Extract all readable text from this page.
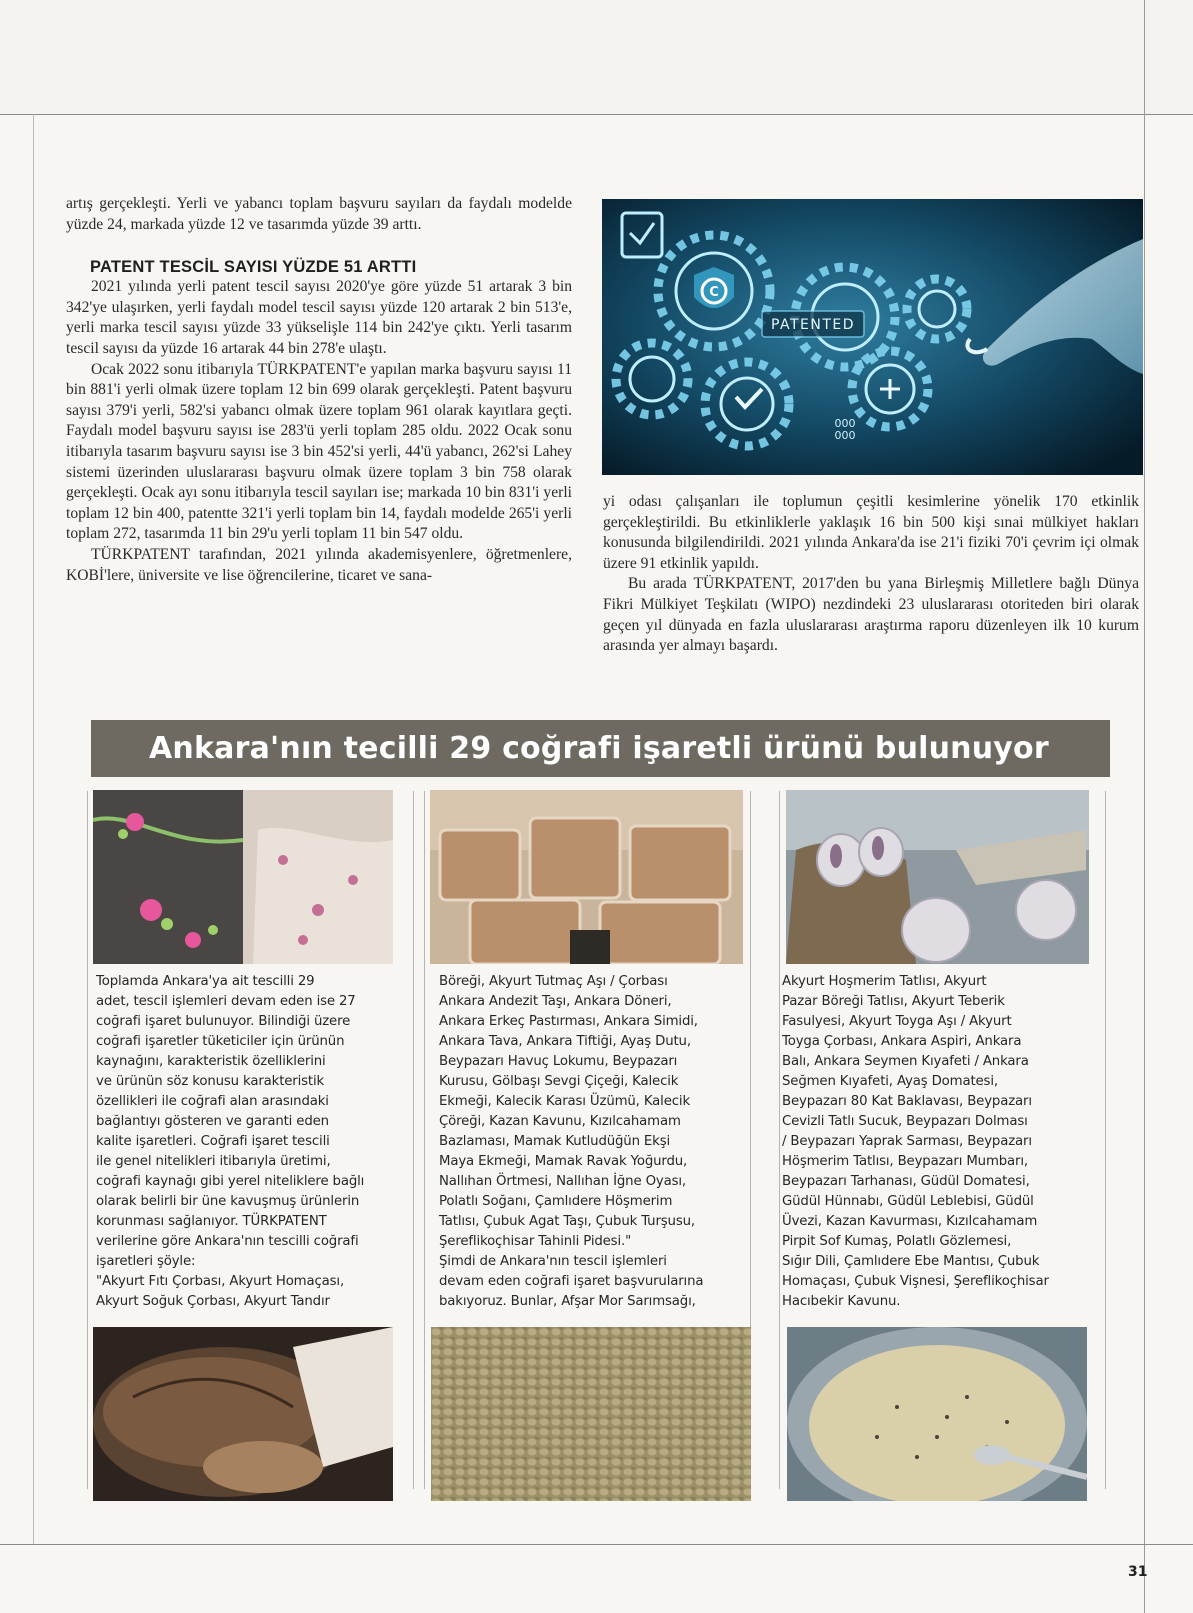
artış gerçekleşti. Yerli ve yabancı toplam başvuru sayıları da faydalı modelde yüzde 24, markada yüzde 12 ve tasarımda yüzde 39 arttı.

PATENT TESCİL SAYISI YÜZDE 51 ARTTI

2021 yılında yerli patent tescil sayısı 2020'ye göre yüzde 51 artarak 3 bin 342'ye ulaşırken, yerli faydalı model tescil sayısı yüzde 120 artarak 2 bin 513'e, yerli marka tescil sayısı yüzde 33 yükselişle 114 bin 242'ye çıktı. Yerli tasarım tescil sayısı da yüzde 16 artarak 44 bin 278'e ulaştı.

Ocak 2022 sonu itibarıyla TÜRKPATENT'e yapılan marka başvuru sayısı 11 bin 881'i yerli olmak üzere toplam 12 bin 699 olarak gerçekleşti. Patent başvuru sayısı 379'i yerli, 582'si yabancı olmak üzere toplam 961 olarak kayıtlara geçti. Faydalı model başvuru sayısı ise 283'ü yerli toplam 285 oldu. 2022 Ocak sonu itibarıyla tasarım başvuru sayısı ise 3 bin 452'si yerli, 44'ü yabancı, 262'si Lahey sistemi üzerinden uluslararası başvuru olmak üzere toplam 3 bin 758 olarak gerçekleşti. Ocak ayı sonu itibarıyla tescil sayıları ise; markada 10 bin 831'i yerli toplam 12 bin 400, patentte 321'i yerli toplam bin 14, faydalı modelde 265'i yerli toplam 272, tasarımda 11 bin 29'u yerli toplam 11 bin 547 oldu.

TÜRKPATENT tarafından, 2021 yılında akademisyenlere, öğretmenlere, KOBİ'lere, üniversite ve lise öğrencilerine, ticaret ve sana-

C
PATENTED
000 000

yi odası çalışanları ile toplumun çeşitli kesimlerine yönelik 170 etkinlik gerçekleştirildi. Bu etkinliklerle yaklaşık 16 bin 500 kişi sınai mülkiyet hakları konusunda bilgilendirildi. 2021 yılında Ankara'da ise 21'i fiziki 70'i çevrim içi olmak üzere 91 etkinlik yapıldı.

Bu arada TÜRKPATENT, 2017'den bu yana Birleşmiş Milletlere bağlı Dünya Fikri Mülkiyet Teşkilatı (WIPO) nezdindeki 23 uluslararası otoriteden biri olarak geçen yıl dünyada en fazla uluslararası araştırma raporu düzenleyen ilk 10 kurum arasında yer almayı başardı.

Ankara'nın tecilli 29 coğrafi işaretli ürünü bulunuyor
Toplamda Ankara'ya ait tescilli 29
adet, tescil işlemleri devam eden ise 27
coğrafi işaret bulunuyor. Bilindiği üzere
coğrafi işaretler tüketiciler için ürünün
kaynağını, karakteristik özelliklerini
ve ürünün söz konusu karakteristik
özellikleri ile coğrafi alan arasındaki
bağlantıyı gösteren ve garanti eden
kalite işaretleri. Coğrafi işaret tescili
ile genel nitelikleri itibarıyla üretimi,
coğrafi kaynağı gibi yerel niteliklere bağlı
olarak belirli bir üne kavuşmuş ürünlerin
korunması sağlanıyor. TÜRKPATENT
verilerine göre Ankara'nın tescilli coğrafi
işaretleri şöyle:
"Akyurt Fıtı Çorbası, Akyurt Homaçası,
Akyurt Soğuk Çorbası, Akyurt Tandır
Böreği, Akyurt Tutmaç Aşı / Çorbası
Ankara Andezit Taşı, Ankara Döneri,
Ankara Erkeç Pastırması, Ankara Simidi,
Ankara Tava, Ankara Tiftiği, Ayaş Dutu,
Beypazarı Havuç Lokumu, Beypazarı
Kurusu, Gölbaşı Sevgi Çiçeği, Kalecik
Ekmeği, Kalecik Karası Üzümü, Kalecik
Çöreği, Kazan Kavunu, Kızılcahamam
Bazlaması, Mamak Kutludüğün Ekşi
Maya Ekmeği, Mamak Ravak Yoğurdu,
Nallıhan Örtmesi, Nallıhan İğne Oyası,
Polatlı Soğanı, Çamlıdere Höşmerim
Tatlısı, Çubuk Agat Taşı, Çubuk Turşusu,
Şereflikoçhisar Tahinli Pidesi."
Şimdi de Ankara'nın tescil işlemleri
devam eden coğrafi işaret başvurularına
bakıyoruz. Bunlar, Afşar Mor Sarımsağı,
Akyurt Hoşmerim Tatlısı, Akyurt
Pazar Böreği Tatlısı, Akyurt Teberik
Fasulyesi, Akyurt Toyga Aşı / Akyurt
Toyga Çorbası, Ankara Aspiri, Ankara
Balı, Ankara Seymen Kıyafeti / Ankara
Seğmen Kıyafeti, Ayaş Domatesi,
Beypazarı 80 Kat Baklavası, Beypazarı
Cevizli Tatlı Sucuk, Beypazarı Dolması
/ Beypazarı Yaprak Sarması, Beypazarı
Höşmerim Tatlısı, Beypazarı Mumbarı,
Beypazarı Tarhanası, Güdül Domatesi,
Güdül Hünnabı, Güdül Leblebisi, Güdül
Üvezi, Kazan Kavurması, Kızılcahamam
Pirpit Sof Kumaş, Polatlı Gözlemesi,
Sığır Dili, Çamlıdere Ebe Mantısı, Çubuk
Homaçası, Çubuk Vişnesi, Şereflikoçhisar
Hacıbekir Kavunu.
31
